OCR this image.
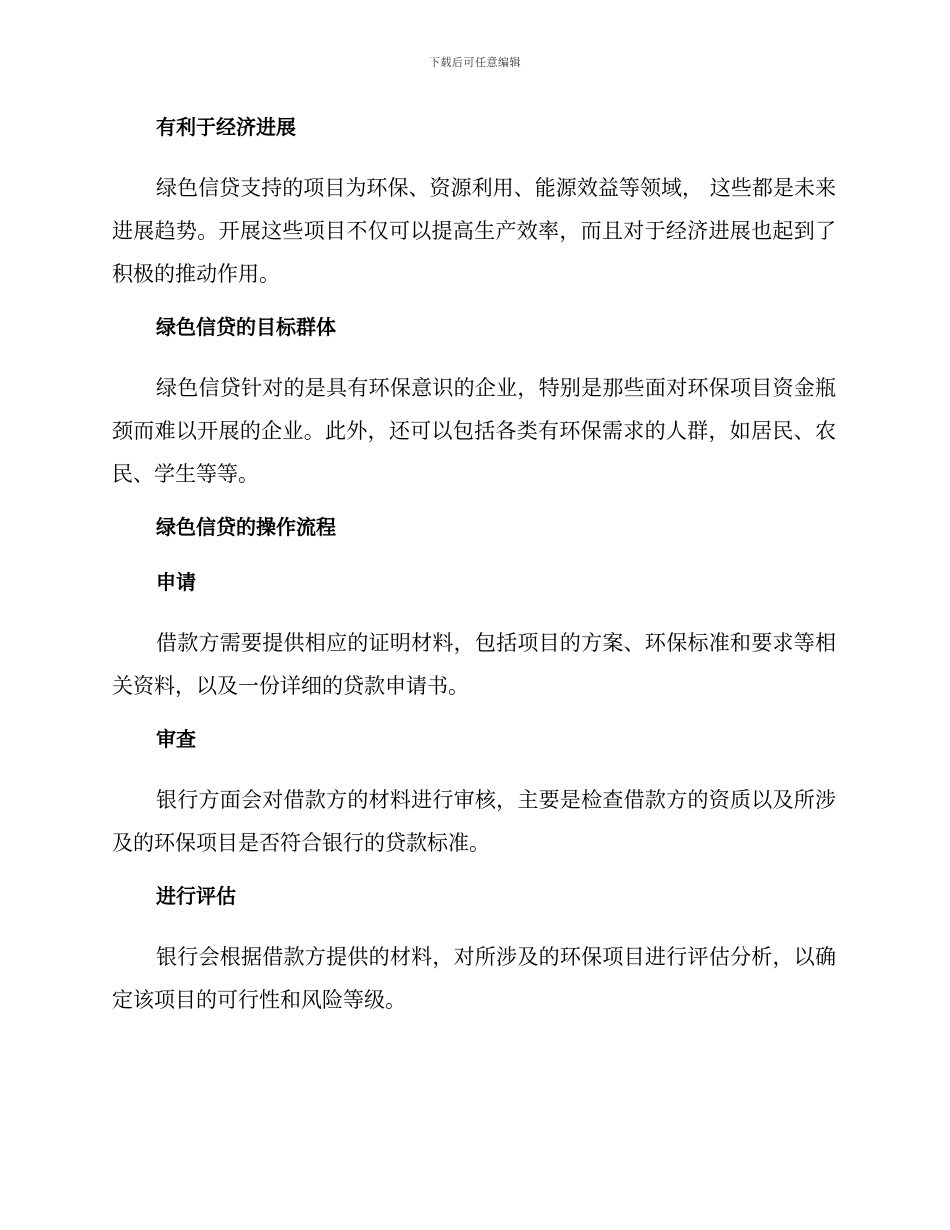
下载后可任意编辑
有利于经济进展

绿色信贷支持的项目为环保、资源利用、能源效益等领域， 这些都是未来进展趋势。开展这些项目不仅可以提高生产效率，而且对于经济进展也起到了积极的推动作用。

绿色信贷的目标群体

绿色信贷针对的是具有环保意识的企业，特别是那些面对环保项目资金瓶颈而难以开展的企业。此外，还可以包括各类有环保需求的人群，如居民、农民、学生等等。

绿色信贷的操作流程
申请

借款方需要提供相应的证明材料，包括项目的方案、环保标准和要求等相关资料，以及一份详细的贷款申请书。

审查

银行方面会对借款方的材料进行审核，主要是检查借款方的资质以及所涉及的环保项目是否符合银行的贷款标准。

进行评估

银行会根据借款方提供的材料，对所涉及的环保项目进行评估分析，以确定该项目的可行性和风险等级。
